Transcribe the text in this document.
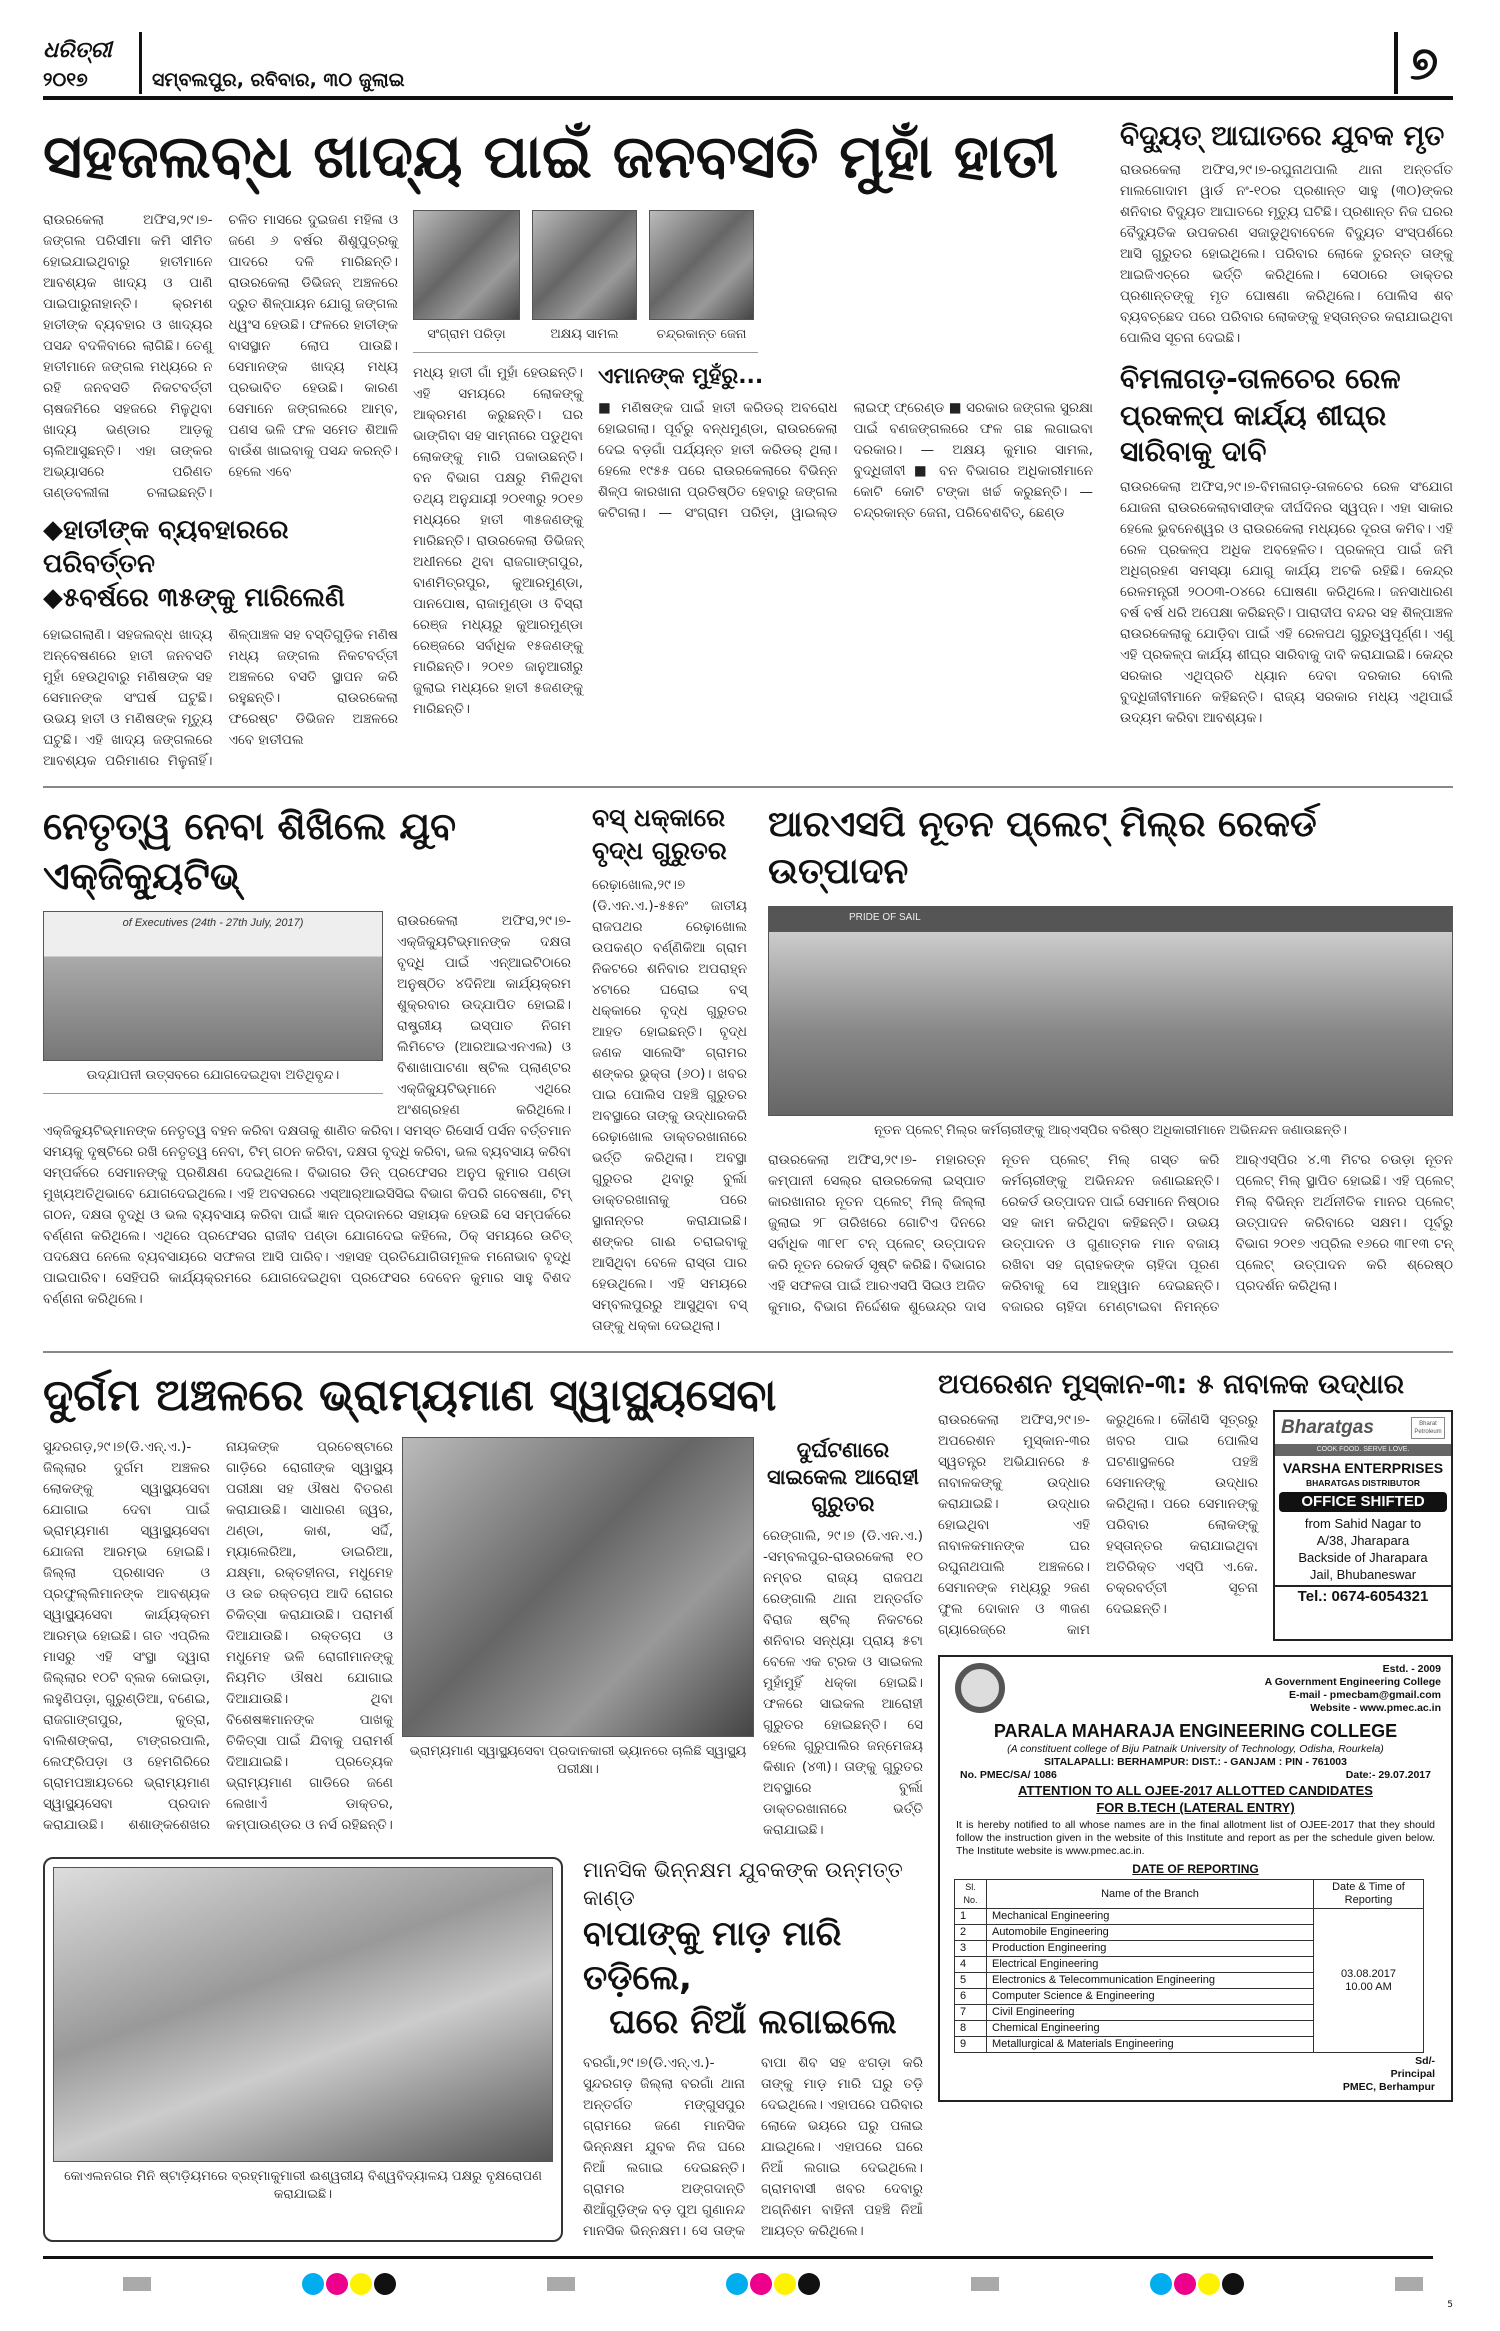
ଧରିତ୍ରୀ
୨୦୧୭	ସମ୍ବଲପୁର, ରବିବାର, ୩୦ ଜୁଲାଇ	୭
ସହଜଲବ୍ଧ ଖାଦ୍ୟ ପାଇଁ ଜନବସତି ମୁହାଁ ହାତୀ
ରାଉରକେଲା ଅଫିସ,୨୯।୭- ଜଙ୍ଗଲ ପରିସୀମା କମି ସୀମିତ ହୋଇଯାଇଥିବାରୁ ହାତୀମାନେ ଆବଶ୍ୟକ ଖାଦ୍ୟ ଓ ପାଣି ପାଇପାରୁନାହାନ୍ତି। କ୍ରମଶ ହାତୀଙ୍କ ବ୍ୟବହାର ଓ ଖାଦ୍ୟର ପସନ୍ଦ ବଦଳିବାରେ ଲାଗିଛି। ତେଣୁ ହାତୀମାନେ ଜଙ୍ଗଲ ମଧ୍ୟରେ ନ ରହି ଜନବସତି ନିକଟବର୍ତ୍ତୀ ଚାଷଜମିରେ ସହଜରେ ମିଳୁଥିବା ଖାଦ୍ୟ ଭଣ୍ଡାର ଆଡ଼କୁ ଚାଲିଆସୁଛନ୍ତି। ଏହା ତାଙ୍କର ଅଭ୍ୟାସରେ ପରିଣତ ତାଣ୍ଡବଲୀଳା ଚଳାଇଛନ୍ତି। ଚଳିତ ମାସରେ ଦୁଇଜଣ ମହିଳା ଓ ଜଣେ ୬ ବର୍ଷର ଶିଶୁପୁତ୍ରକୁ ପାଦରେ ଦଳି ମାରିଛନ୍ତି। ରାଉରକେଲା ଡିଭିଜନ୍ ଅଞ୍ଚଳରେ ଦ୍ରୁତ ଶିଳ୍ପାୟନ ଯୋଗୁ ଜଙ୍ଗଲ ଧ୍ୱଂସ ହେଉଛି। ଫଳରେ ହାତୀଙ୍କ ବାସସ୍ଥାନ ଲୋପ ପାଉଛି। ସେମାନଙ୍କ ଖାଦ୍ୟ ମଧ୍ୟ ପ୍ରଭାବିତ ହେଉଛି। କାରଣ ସେମାନେ ଜଙ୍ଗଲରେ ଆମ୍ବ, ପଣସ ଭଳି ଫଳ ସମେତ ଶିଆଳି ବାଉଁଶ ଖାଇବାକୁ ପସନ୍ଦ କରନ୍ତି। ହେଲେ ଏବେ
◆ହାତୀଙ୍କ ବ୍ୟବହାରରେ ପରିବର୍ତ୍ତନ
◆୫ବର୍ଷରେ ୩୫ଙ୍କୁ ମାରିଲେଣି
ହୋଇଗଲାଣି। ସହଜଲବ୍ଧ ଖାଦ୍ୟ ଅନ୍ବେଷଣରେ ହାତୀ ଜନବସତି ମୁହାଁ ହେଉଥିବାରୁ ମଣିଷଙ୍କ ସହ ସେମାନଙ୍କ ସଂଘର୍ଷ ଘଟୁଛି। ଉଭୟ ହାତୀ ଓ ମଣିଷଙ୍କ ମୃତ୍ୟୁ ଘଟୁଛି। ଏହି ଖାଦ୍ୟ ଜଙ୍ଗଲରେ ଆବଶ୍ୟକ ପରିମାଣର ମିଳୁନାହିଁ। ଶିଳ୍ପାଞ୍ଚଳ ସହ ବସ୍ତିଗୁଡ଼ିକ ମଣିଷ ମଧ୍ୟ ଜଙ୍ଗଲ ନିକଟବର୍ତ୍ତୀ ଅଞ୍ଚଳରେ ବସତି ସ୍ଥାପନ କରି ରହୁଛନ୍ତି। ରାଉରକେଲା ଫରେଷ୍ଟ ଡିଭିଜନ ଅଞ୍ଚଳରେ ଏବେ ହାତୀପଲ
ସଂଗ୍ରାମ ପରିଡ଼ା	ଅକ୍ଷୟ ସାମଲ	ଚନ୍ଦ୍ରକାନ୍ତ ଜେନା
ମଧ୍ୟ ହାତୀ ଗାଁ ମୁହାଁ ହେଉଛନ୍ତି। ଏହି ସମୟରେ ଲୋକଙ୍କୁ ଆକ୍ରମଣ କରୁଛନ୍ତି। ଘର ଭାଙ୍ଗିବା ସହ ସାମ୍ନାରେ ପଡୁଥିବା ଲୋକଙ୍କୁ ମାରି ପକାଉଛନ୍ତି। ବନ ବିଭାଗ ପକ୍ଷରୁ ମିଳିଥିବା ତଥ୍ୟ ଅନୁଯାୟୀ ୨୦୧୩ରୁ ୨୦୧୭ ମଧ୍ୟରେ ହାତୀ ୩୫ଜଣଙ୍କୁ ମାରିଛନ୍ତି। ରାଉରକେଲା ଡିଭିଜନ୍ ଅଧୀନରେ ଥିବା ରାଜଗାଙ୍ଗପୁର, ବାଣମିତ୍ରପୁର, କୁଆରମୁଣ୍ଡା, ପାନପୋଷ, ରାଜାମୁଣ୍ଡା ଓ ବିସ୍ରା ରେଞ୍ଜ ମଧ୍ୟରୁ କୁଆରମୁଣ୍ଡା ରେଞ୍ଜରେ ସର୍ବାଧିକ ୧୫ଜଣଙ୍କୁ ମାରିଛନ୍ତି। ୨୦୧୭ ଜାନୁଆରୀରୁ ଜୁଲାଇ ମଧ୍ୟରେ ହାତୀ ୫ଜଣଙ୍କୁ ମାରିଛନ୍ତି।
ଏମାନଙ୍କ ମୁହଁରୁ...
■ ମଣିଷଙ୍କ ପାଇଁ ହାତୀ କରିଡର୍ ଅବରୋଧ ହୋଇଗଲା। ପୂର୍ବରୁ ବନ୍ଧମୁଣ୍ଡା, ରାଉରକେଲା ଦେଇ ବଡ଼ଗାଁ ପର୍ଯ୍ୟନ୍ତ ହାତୀ କରିଡର୍ ଥିଲା। ହେଲେ ୧୯୫୫ ପରେ ରାଉରକେଲାରେ ବିଭିନ୍ନ ଶିଳ୍ପ କାରଖାନା ପ୍ରତିଷ୍ଠିତ ହେବାରୁ ଜଙ୍ଗଲ କଟିଗଲା। — ସଂଗ୍ରାମ ପରିଡ଼ା, ୱାଇଲ୍ଡ ଲାଇଫ୍ ଫ୍ରେଣ୍ଡ ■ ସରକାର ଜଙ୍ଗଲ ସୁରକ୍ଷା ପାଇଁ ବଣଜଙ୍ଗଲରେ ଫଳ ଗଛ ଲଗାଇବା ଦରକାର। — ଅକ୍ଷୟ କୁମାର ସାମଲ, ବୁଦ୍ଧିଜୀବୀ ■ ବନ ବିଭାଗର ଅଧିକାରୀମାନେ କୋଟି କୋଟି ଟଙ୍କା ଖର୍ଚ୍ଚ କରୁଛନ୍ତି। — ଚନ୍ଦ୍ରକାନ୍ତ ଜେନା, ପରିବେଶବିତ୍, ଛେଣ୍ଡ
ବିଦ୍ୟୁତ୍ ଆଘାତରେ ଯୁବକ ମୃତ
ରାଉରକେଲା ଅଫିସ,୨୯।୭-ରଘୁନାଥପାଲି ଥାନା ଅନ୍ତର୍ଗତ ମାଲଗୋଦାମ ୱାର୍ଡ ନଂ-୧୦ର ପ୍ରଶାନ୍ତ ସାହୁ (୩୦)ଙ୍କର ଶନିବାର ବିଦ୍ୟୁତ ଆଘାତରେ ମୃତ୍ୟୁ ଘଟିଛି। ପ୍ରଶାନ୍ତ ନିଜ ଘରର ବୈଦ୍ୟୁତିକ ଉପକରଣ ସଜାଡୁଥିବାବେଳେ ବିଦ୍ୟୁତ ସଂସ୍ପର୍ଶରେ ଆସି ଗୁରୁତର ହୋଇଥିଲେ। ପରିବାର ଲୋକେ ତୁରନ୍ତ ତାଙ୍କୁ ଆଇଜିଏଚ୍‌ରେ ଭର୍ତ୍ତି କରିଥିଲେ। ସେଠାରେ ଡାକ୍ତର ପ୍ରଶାନ୍ତଙ୍କୁ ମୃତ ଘୋଷଣା କରିଥିଲେ। ପୋଲିସ ଶବ ବ୍ୟବଚ୍ଛେଦ ପରେ ପରିବାର ଲୋକଙ୍କୁ ହସ୍ତାନ୍ତର କରାଯାଇଥିବା ପୋଲିସ ସୂଚନା ଦେଇଛି।
ବିମଳାଗଡ଼-ତାଳଚେର ରେଳ ପ୍ରକଳ୍ପ କାର୍ଯ୍ୟ ଶୀଘ୍ର ସାରିବାକୁ ଦାବି
ରାଉରକେଲା ଅଫିସ,୨୯।୭-ବିମଳାଗଡ଼-ତାଳଚେର ରେଳ ସଂଯୋଗ ଯୋଜନା ରାଉରକେଲାବାସୀଙ୍କ ଦୀର୍ଘଦିନର ସ୍ୱପ୍ନ। ଏହା ସାକାର ହେଲେ ଭୁବନେଶ୍ୱର ଓ ରାଉରକେଲା ମଧ୍ୟରେ ଦୂରତା କମିବ। ଏହି ରେଳ ପ୍ରକଳ୍ପ ଅଧିକ ଅବହେଳିତ। ପ୍ରକଳ୍ପ ପାଇଁ ଜମି ଅଧିଗ୍ରହଣ ସମସ୍ୟା ଯୋଗୁ କାର୍ଯ୍ୟ ଅଟକି ରହିଛି। କେନ୍ଦ୍ର ରେଳମନ୍ତ୍ରୀ ୨୦୦୩-୦୪ରେ ଘୋଷଣା କରିଥିଲେ। ଜନସାଧାରଣ ବର୍ଷ ବର୍ଷ ଧରି ଅପେକ୍ଷା କରିଛନ୍ତି। ପାରାଦୀପ ବନ୍ଦର ସହ ଶିଳ୍ପାଞ୍ଚଳ ରାଉରକେଲାକୁ ଯୋଡ଼ିବା ପାଇଁ ଏହି ରେଳପଥ ଗୁରୁତ୍ୱପୂର୍ଣ୍ଣ। ଏଣୁ ଏହି ପ୍ରକଳ୍ପ କାର୍ଯ୍ୟ ଶୀଘ୍ର ସାରିବାକୁ ଦାବି କରାଯାଇଛି। କେନ୍ଦ୍ର ସରକାର ଏଥିପ୍ରତି ଧ୍ୟାନ ଦେବା ଦରକାର ବୋଲି ବୁଦ୍ଧିଜୀବୀମାନେ କହିଛନ୍ତି। ରାଜ୍ୟ ସରକାର ମଧ୍ୟ ଏଥିପାଇଁ ଉଦ୍ୟମ କରିବା ଆବଶ୍ୟକ।
ନେତୃତ୍ୱ ନେବା ଶିଖିଲେ ଯୁବ ଏକ୍‌ଜିକ୍ୟୁଟିଭ୍
of Executives (24th - 27th July, 2017)
ଉଦ୍‌ଯାପନୀ ଉତ୍ସବରେ ଯୋଗଦେଇଥିବା ଅତିଥିବୃନ୍ଦ।
ରାଉରକେଲା ଅଫିସ,୨୯।୭- ଏକ୍‌ଜିକ୍ୟୁଟିଭ୍‌ମାନଙ୍କ ଦକ୍ଷତା ବୃଦ୍ଧି ପାଇଁ ଏନ୍‌ଆଇଟିଠାରେ ଅନୁଷ୍ଠିତ ୪ଦିନିଆ କାର୍ଯ୍ୟକ୍ରମ ଶୁକ୍ରବାର ଉଦ୍‌ଯାପିତ ହୋଇଛି। ରାଷ୍ଟ୍ରୀୟ ଇସ୍ପାତ ନିଗମ ଲିମିଟେଡ (ଆରଆଇଏନଏଲ) ଓ ବିଶାଖାପାଟଣା ଷ୍ଟିଲ ପ୍ଲାଣ୍ଟର ଏକ୍‌ଜିକ୍ୟୁଟିଭ୍‌ମାନେ ଏଥିରେ ଅଂଶଗ୍ରହଣ କରିଥିଲେ। ଏକ୍‌ଜିକ୍ୟୁଟିଭ୍‌ମାନଙ୍କ ନେତୃତ୍ୱ ବହନ କରିବା ଦକ୍ଷତାକୁ ଶାଣିତ କରିବା। ସମସ୍ତ ରିସୋର୍ସ ପର୍ସନ ବର୍ତ୍ତମାନ ସମୟକୁ ଦୃଷ୍ଟିରେ ରଖି ନେତୃତ୍ୱ ନେବା, ଟିମ୍ ଗଠନ କରିବା, ଦକ୍ଷତା ବୃଦ୍ଧି କରିବା, ଭଲ ବ୍ୟବସାୟ କରିବା ସମ୍ପର୍କରେ ସେମାନଙ୍କୁ ପ୍ରଶିକ୍ଷଣ ଦେଇଥିଲେ। ବିଭାଗର ଡିନ୍ ପ୍ରଫେସର ଅନୁପ କୁମାର ପଣ୍ଡା ମୁଖ୍ୟଅତିଥିଭାବେ ଯୋଗଦେଇଥିଲେ। ଏହି ଅବସରରେ ଏସ୍‌ଆର୍‌ଆଇସିସିଇ ବିଭାଗ କିପରି ଗବେଷଣା, ଟିମ୍ ଗଠନ, ଦକ୍ଷତା ବୃଦ୍ଧି ଓ ଭଲ ବ୍ୟବସାୟ କରିବା ପାଇଁ ଜ୍ଞାନ ପ୍ରଦାନରେ ସହାୟକ ହେଉଛି ସେ ସମ୍ପର୍କରେ ବର୍ଣ୍ଣନା କରିଥିଲେ। ଏଥିରେ ପ୍ରଫେସର ରାଜୀବ ପଣ୍ଡା ଯୋଗଦେଇ କହିଲେ, ଠିକ୍ ସମୟରେ ଉଚିତ୍ ପଦକ୍ଷେପ ନେଲେ ବ୍ୟବସାୟରେ ସଫଳତା ଆସି ପାରିବ। ଏହାସହ ପ୍ରତିଯୋଗିତାମୂଳକ ମନୋଭାବ ବୃଦ୍ଧି ପାଇପାରିବ। ସେହିପରି କାର୍ଯ୍ୟକ୍ରମରେ ଯୋଗଦେଇଥିବା ପ୍ରଫେସର ଦେବେନ କୁମାର ସାହୁ ବିଶଦ ବର୍ଣ୍ଣନା କରିଥିଲେ।
ବସ୍ ଧକ୍କାରେ ବୃଦ୍ଧ ଗୁରୁତର
ରେଢ଼ାଖୋଲ,୨୯।୭ (ଡି.ଏନ.ଏ.)-୫୫ନଂ ଜାତୀୟ ରାଜପଥର ରେଢ଼ାଖୋଲ ଉପକଣ୍ଠ ବର୍ଣ୍ଣିକିଆ ଗ୍ରାମ ନିକଟରେ ଶନିବାର ଅପରାହ୍ନ ୪ଟାରେ ଘରୋଇ ବସ୍ ଧକ୍କାରେ ବୃଦ୍ଧ ଗୁରୁତର ଆହତ ହୋଇଛନ୍ତି। ବୃଦ୍ଧ ଜଣକ ସାଲେସିଂ ଗ୍ରାମର ଶଙ୍କର ଭୁକ୍ତା (୬୦)। ଖବର ପାଇ ପୋଲିସ ପହଞ୍ଚି ଗୁରୁତର ଅବସ୍ଥାରେ ତାଙ୍କୁ ଉଦ୍ଧାରକରି ରେଢ଼ାଖୋଲ ଡାକ୍ତରଖାନାରେ ଭର୍ତ୍ତି କରିଥିଲା। ଅବସ୍ଥା ଗୁରୁତର ଥିବାରୁ ବୁର୍ଲା ଡାକ୍ତରଖାନାକୁ ପରେ ସ୍ଥାନାନ୍ତର କରାଯାଇଛି। ଶଙ୍କର ଗାଈ ଚରାଇବାକୁ ଆସିଥିବା ବେଳେ ରାସ୍ତା ପାର ହେଉଥିଲେ। ଏହି ସମୟରେ ସମ୍ବଲପୁରରୁ ଆସୁଥିବା ବସ୍ ତାଙ୍କୁ ଧକ୍କା ଦେଇଥିଲା।
ଆରଏସପି ନୂତନ ପ୍ଲେଟ୍ ମିଲ୍‌ର ରେକର୍ଡ ଉତ୍ପାଦନ
PRIDE OF SAIL
ନୂତନ ପ୍ଲେଟ୍ ମିଲ୍‌ର କର୍ମଚାରୀଙ୍କୁ ଆର୍‌ଏସ୍‌ପିର ବରିଷ୍ଠ ଅଧିକାରୀମାନେ ଅଭିନନ୍ଦନ ଜଣାଉଛନ୍ତି।
ରାଉରକେଲା ଅଫିସ,୨୯।୭- ମହାରତ୍ନ କମ୍ପାନୀ ସେଲ୍‌ର ରାଉରକେଲା ଇସ୍ପାତ କାରଖାନାର ନୂତନ ପ୍ଲେଟ୍ ମିଲ୍ ଜିଲ୍ଲା ଜୁଲାଇ ୨୮ ତାରିଖରେ ଗୋଟିଏ ଦିନରେ ସର୍ବାଧିକ ୩୮୧୮ ଟନ୍ ପ୍ଲେଟ୍ ଉତ୍ପାଦନ କରି ନୂତନ ରେକର୍ଡ ସୃଷ୍ଟି କରିଛି। ବିଭାଗର ଏହି ସଫଳତା ପାଇଁ ଆରଏସପି ସିଇଓ ଅଜିତ କୁମାର, ବିଭାଗ ନିର୍ଦ୍ଦେଶକ ଶୁଭେନ୍ଦ୍ର ଦାସ ନୂତନ ପ୍ଲେଟ୍ ମିଲ୍ ଗସ୍ତ କରି କର୍ମଚାରୀଙ୍କୁ ଅଭିନନ୍ଦନ ଜଣାଇଛନ୍ତି। ରେକର୍ଡ ଉତ୍ପାଦନ ପାଇଁ ସେମାନେ ନିଷ୍ଠାର ସହ କାମ କରିଥିବା କହିଛନ୍ତି। ଉଭୟ ଉତ୍ପାଦନ ଓ ଗୁଣାତ୍ମକ ମାନ ବଜାୟ ରଖିବା ସହ ଗ୍ରାହକଙ୍କ ଚାହିଦା ପୂରଣ କରିବାକୁ ସେ ଆହ୍ୱାନ ଦେଇଛନ୍ତି। ବଜାରର ଚାହିଦା ମେଣ୍ଟାଇବା ନିମନ୍ତେ ଆର୍‌ଏସ୍‌ପିର ୪.୩ ମିଟର ଚଉଡ଼ା ନୂତନ ପ୍ଲେଟ୍ ମିଲ୍ ସ୍ଥାପିତ ହୋଇଛି। ଏହି ପ୍ଲେଟ୍ ମିଲ୍ ବିଭିନ୍ନ ଅର୍ଥନୀତିକ ମାନର ପ୍ଲେଟ୍ ଉତ୍ପାଦନ କରିବାରେ ସକ୍ଷମ। ପୂର୍ବରୁ ବିଭାଗ ୨୦୧୭ ଏପ୍ରିଲ ୧୬ରେ ୩୮୧୩ ଟନ୍ ପ୍ଲେଟ୍ ଉତ୍ପାଦନ କରି ଶ୍ରେଷ୍ଠ ପ୍ରଦର୍ଶନ କରିଥିଲା।
ଦୁର୍ଗମ ଅଞ୍ଚଳରେ ଭ୍ରାମ୍ୟମାଣ ସ୍ୱାସ୍ଥ୍ୟସେବା
ସୁନ୍ଦରଗଡ଼,୨୯।୭(ଡି.ଏନ୍.ଏ.)- ଜିଲ୍ଲାର ଦୁର୍ଗମ ଅଞ୍ଚଳର ଲୋକଙ୍କୁ ସ୍ୱାସ୍ଥ୍ୟସେବା ଯୋଗାଇ ଦେବା ପାଇଁ ଭ୍ରାମ୍ୟମାଣ ସ୍ୱାସ୍ଥ୍ୟସେବା ଯୋଜନା ଆରମ୍ଭ ହୋଇଛି। ଜିଲ୍ଲା ପ୍ରଶାସନ ଓ ପ୍ରଫୁଲ୍ଲିମାନଙ୍କ ଆବଶ୍ୟକ ସ୍ୱାସ୍ଥ୍ୟସେବା କାର୍ଯ୍ୟକ୍ରମ ଆରମ୍ଭ ହୋଇଛି। ଗତ ଏପ୍ରିଲ ମାସରୁ ଏହି ସଂସ୍ଥା ଦ୍ୱାରା ଜିଲ୍ଲାର ୧୦ଟି ବ୍ଲକ କୋଇଡ଼ା, ଲହୁଣିପଡ଼ା, ଗୁରୁଣ୍ଡିଆ, ବଣେଇ, ରାଜଗାଙ୍ଗପୁର, କୁତ୍ରା, ବାଲିଶଙ୍କରା, ଟାଙ୍ଗରପାଲି, ଲେଫ୍ରିପଡ଼ା ଓ ହେମଗିରିରେ ଗ୍ରାମପଞ୍ଚାୟତରେ ଭ୍ରାମ୍ୟମାଣ ସ୍ୱାସ୍ଥ୍ୟସେବା ପ୍ରଦାନ କରାଯାଉଛି। ଶଶାଙ୍କଶେଖର ନାୟକଙ୍କ ପ୍ରଚେଷ୍ଟାରେ ଗାଡ଼ିରେ ରୋଗୀଙ୍କ ସ୍ୱାସ୍ଥ୍ୟ ପରୀକ୍ଷା ସହ ଔଷଧ ବିତରଣ କରାଯାଉଛି। ସାଧାରଣ ଜ୍ୱର, ଥଣ୍ଡା, କାଶ, ସର୍ଦ୍ଦି, ମ୍ୟାଲେରିଆ, ଡାଇରିଆ, ଯକ୍ଷ୍ମା, ରକ୍ତହୀନତା, ମଧୁମେହ ଓ ଉଚ୍ଚ ରକ୍ତଚାପ ଆଦି ରୋଗର ଚିକିତ୍ସା କରାଯାଉଛି। ପରାମର୍ଶ ଦିଆଯାଉଛି। ରକ୍ତଚାପ ଓ ମଧୁମେହ ଭଳି ରୋଗୀମାନଙ୍କୁ ନିୟମିତ ଔଷଧ ଯୋଗାଇ ଦିଆଯାଉଛି। ଥିବା ବିଶେଷଜ୍ଞମାନଙ୍କ ପାଖକୁ ଚିକିତ୍ସା ପାଇଁ ଯିବାକୁ ପରାମର୍ଶ ଦିଆଯାଇଛି। ପ୍ରତ୍ୟେକ ଭ୍ରାମ୍ୟମାଣ ଗାଡିରେ ଜଣେ ଲେଖାଏଁ ଡାକ୍ତର, କମ୍ପାଉଣ୍ଡର ଓ ନର୍ସ ରହିଛନ୍ତି।
ଭ୍ରାମ୍ୟମାଣ ସ୍ୱାସ୍ଥ୍ୟସେବା ପ୍ରଦାନକାରୀ ଭ୍ୟାନରେ ଚାଲିଛି ସ୍ୱାସ୍ଥ୍ୟ ପରୀକ୍ଷା।
ଦୁର୍ଘଟଣାରେ ସାଇକେଲ ଆରୋହୀ ଗୁରୁତର
ରେଙ୍ଗାଲି, ୨୯।୭ (ଡି.ଏନ.ଏ.) -ସମ୍ବଲପୁର-ରାଉରକେଲା ୧୦ ନମ୍ବର ରାଜ୍ୟ ରାଜପଥ ରେଙ୍ଗାଲି ଥାନା ଅନ୍ତର୍ଗତ ବିରାଜ ଷ୍ଟିଲ୍ ନିକଟରେ ଶନିବାର ସନ୍ଧ୍ୟା ପ୍ରାୟ ୫ଟା ବେଳେ ଏକ ଟ୍ରକ ଓ ସାଇକଲ ମୁହାଁମୁହିଁ ଧକ୍କା ହୋଇଛି। ଫଳରେ ସାଇକଲ ଆରୋହୀ ଗୁରୁତର ହୋଇଛନ୍ତି। ସେ ହେଲେ ଗୁରୁପାଲିର ଜନ୍ମେଜୟ କିଶାନ (୪୩)। ତାଙ୍କୁ ଗୁରୁତର ଅବସ୍ଥାରେ ବୁର୍ଲା ଡାକ୍ତରଖାନାରେ ଭର୍ତ୍ତି କରାଯାଇଛି।
କୋଏଲନଗର ମିନି ଷ୍ଟାଡ଼ିୟମରେ ବ୍ରହ୍ମାକୁମାରୀ ଈଶ୍ୱରୀୟ ବିଶ୍ୱବିଦ୍ୟାଳୟ ପକ୍ଷରୁ ବୃକ୍ଷରୋପଣ କରାଯାଇଛି।
ମାନସିକ ଭିନ୍ନକ୍ଷମ ଯୁବକଙ୍କ ଉନ୍ମତ୍ତ କାଣ୍ଡ
ବାପାଙ୍କୁ ମାଡ଼ ମାରି ତଡ଼ିଲେ,
ଘରେ ନିଆଁ ଲଗାଇଲେ
ବରଗାଁ,୨୯।୭(ଡି.ଏନ୍.ଏ.)- ସୁନ୍ଦରଗଡ଼ ଜିଲ୍ଲା ବରଗାଁ ଥାନା ଅନ୍ତର୍ଗତ ମଙ୍ଗୁସପୁର ଗ୍ରାମରେ ଜଣେ ମାନସିକ ଭିନ୍ନକ୍ଷମ ଯୁବକ ନିଜ ଘରେ ନିଆଁ ଲଗାଇ ଦେଇଛନ୍ତି। ଗ୍ରାମର ଅଙ୍ଗଦାନ୍ତି ଶିଆଁଗୁଡ଼ିଙ୍କ ବଡ଼ ପୁଅ ଗୁଣାନନ୍ଦ ମାନସିକ ଭିନ୍ନକ୍ଷମ। ସେ ତାଙ୍କ ବାପା ଶିବ ସହ ଝଗଡ଼ା କରି ତାଙ୍କୁ ମାଡ଼ ମାରି ଘରୁ ତଡ଼ି ଦେଇଥିଲେ। ଏହାପରେ ପରିବାର ଲୋକେ ଭୟରେ ଘରୁ ପଳାଇ ଯାଇଥିଲେ। ଏହାପରେ ଘରେ ନିଆଁ ଲଗାଇ ଦେଇଥିଲେ। ଗ୍ରାମବାସୀ ଖବର ଦେବାରୁ ଅଗ୍ନିଶମ ବାହିନୀ ପହଞ୍ଚି ନିଆଁ ଆୟତ୍ତ କରିଥିଲେ।
ଅପରେଶନ ମୁସ୍କାନ-୩: ୫ ନାବାଳକ ଉଦ୍ଧାର
ରାଉରକେଲା ଅଫିସ,୨୯।୭- ଅପରେଶନ ମୁସ୍କାନ-୩ର ସ୍ୱତନ୍ତ୍ର ଅଭିଯାନରେ ୫ ନାବାଳକଙ୍କୁ ଉଦ୍ଧାର କରାଯାଇଛି। ଉଦ୍ଧାର ହୋଇଥିବା ଏହି ନାବାଳକମାନଙ୍କ ଘର ରଘୁନାଥପାଲି ଅଞ୍ଚଳରେ। ସେମାନଙ୍କ ମଧ୍ୟରୁ ୨ଜଣ ଫୁଲ ଦୋକାନ ଓ ୩ଜଣ ଗ୍ୟାରେଜ୍‌ରେ କାମ କରୁଥିଲେ। କୌଣସି ସୂତ୍ରରୁ ଖବର ପାଇ ପୋଲିସ ଘଟଣାସ୍ଥଳରେ ପହଞ୍ଚି ସେମାନଙ୍କୁ ଉଦ୍ଧାର କରିଥିଲା। ପରେ ସେମାନଙ୍କୁ ପରିବାର ଲୋକଙ୍କୁ ହସ୍ତାନ୍ତର କରାଯାଇଥିବା ଅତିରିକ୍ତ ଏସ୍‌ପି ଏ.କେ. ଚକ୍ରବର୍ତ୍ତୀ ସୂଚନା ଦେଇଛନ୍ତି।
Bharatgas	Bharat Petroleum
COOK FOOD. SERVE LOVE.
VARSHA ENTERPRISES
BHARATGAS DISTRIBUTOR
OFFICE SHIFTED
from Sahid Nagar to
A/38, Jharapara
Backside of Jharapara
Jail, Bhubaneswar
Tel.: 0674-6054321
Estd. - 2009
A Government Engineering College
E-mail - pmecbam@gmail.com
Website - www.pmec.ac.in
PARALA MAHARAJA ENGINEERING COLLEGE
(A constituent college of Biju Patnaik University of Technology, Odisha, Rourkela)
SITALAPALLI: BERHAMPUR: DIST.: - GANJAM : PIN - 761003
No. PMEC/SA/ 1086	Date:- 29.07.2017
ATTENTION TO ALL OJEE-2017 ALLOTTED CANDIDATES
FOR B.TECH (LATERAL ENTRY)
It is hereby notified to all whose names are in the final allotment list of OJEE-2017 that they should follow the instruction given in the website of this Institute and report as per the schedule given below. The Institute website is www.pmec.ac.in.
DATE OF REPORTING
Sl. No.	Name of the Branch	Date & Time of Reporting
1	Mechanical Engineering	03.08.2017
10.00 AM

2	Automobile Engineering	
3	Production Engineering	
4	Electrical Engineering	
5	Electronics & Telecommunication Engineering	
6	Computer Science & Engineering	
7	Civil Engineering	
8	Chemical Engineering	
9	Metallurgical & Materials Engineering	
Sd/-
Principal
PMEC, Berhampur
5
